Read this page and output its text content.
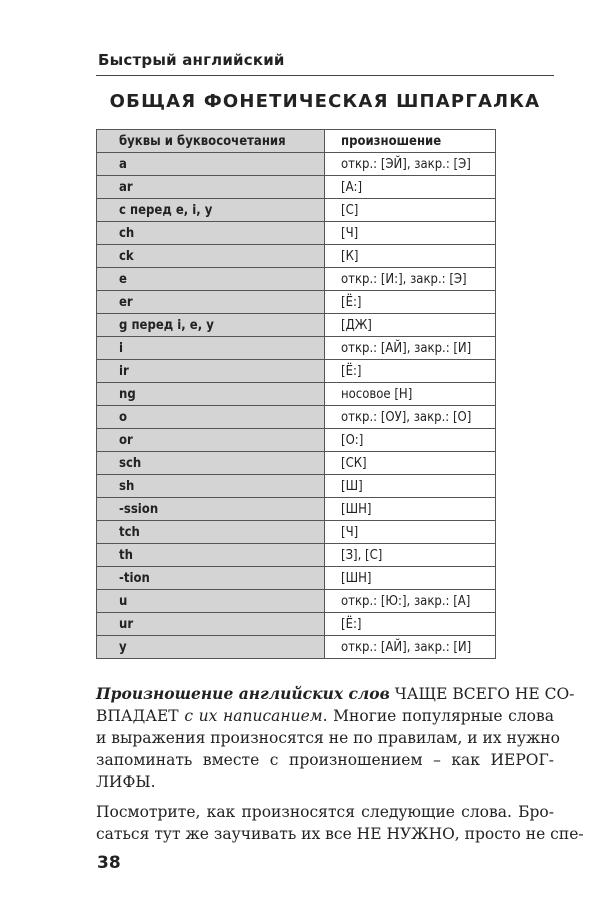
Быстрый английский
ОБЩАЯ ФОНЕТИЧЕСКАЯ ШПАРГАЛКА
буквы и буквосочетания	произношение
a	откр.: [ЭЙ], закр.: [Э]
ar	[А:]
c перед e, i, y	[С]
ch	[Ч]
ck	[К]
e	откр.: [И:], закр.: [Э]
er	[Ё:]
g перед i, e, y	[ДЖ]
i	откр.: [АЙ], закр.: [И]
ir	[Ё:]
ng	носовое [Н]
o	откр.: [ОУ], закр.: [О]
or	[О:]
sch	[СК]
sh	[Ш]
-ssion	[ШН]
tch	[Ч]
th	[З], [С]
-tion	[ШН]
u	откр.: [Ю:], закр.: [А]
ur	[Ё:]
y	откр.: [АЙ], закр.: [И]
Произношение английских слов ЧАЩЕ ВСЕГО НЕ СО-
ВПАДАЕТ с их написанием. Многие популярные слова
и выражения произносятся не по правилам, и их нужно
запоминать вместе с произношением – как ИЕРОГ-
ЛИФЫ.
Посмотрите, как произносятся следующие слова. Бро-
саться тут же заучивать их все НЕ НУЖНО, просто не спе-
38
